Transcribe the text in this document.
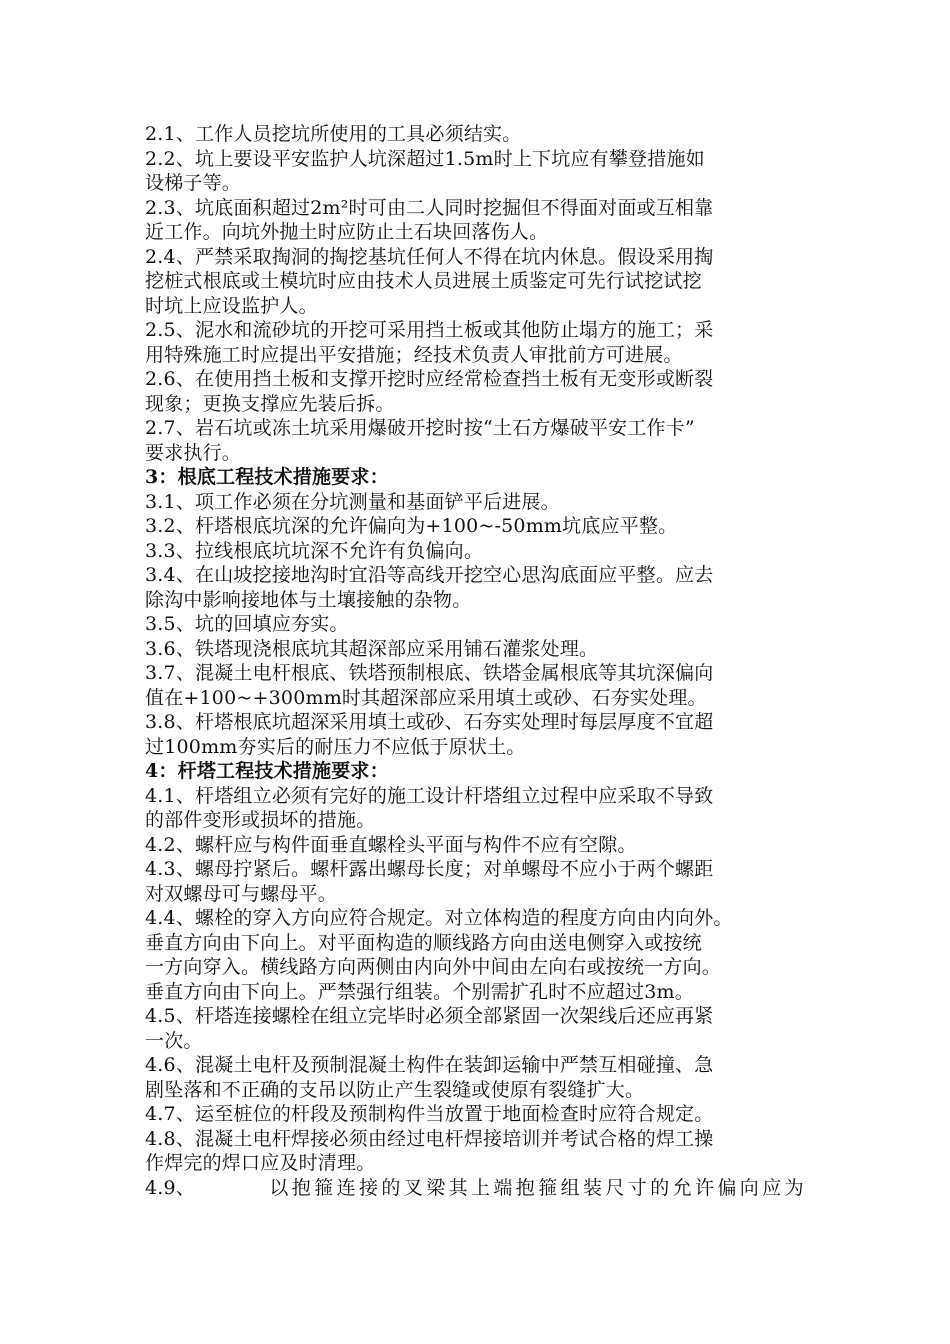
2.1、工作人员挖坑所使用的工具必须结实。
2.2、坑上要设平安监护人坑深超过1.5m时上下坑应有攀登措施如
设梯子等。
2.3、坑底面积超过2m²时可由二人同时挖掘但不得面对面或互相靠
近工作。向坑外抛土时应防止土石块回落伤人。
2.4、严禁采取掏洞的掏挖基坑任何人不得在坑内休息。假设采用掏
挖桩式根底或土模坑时应由技术人员进展土质鉴定可先行试挖试挖
时坑上应设监护人。
2.5、泥水和流砂坑的开挖可采用挡土板或其他防止塌方的施工；采
用特殊施工时应提出平安措施；经技术负责人审批前方可进展。
2.6、在使用挡土板和支撑开挖时应经常检查挡土板有无变形或断裂
现象；更换支撑应先装后拆。
2.7、岩石坑或冻土坑采用爆破开挖时按“土石方爆破平安工作卡”
要求执行。
3：根底工程技术措施要求：
3.1、项工作必须在分坑测量和基面铲平后进展。
3.2、杆塔根底坑深的允许偏向为+100~-50mm坑底应平整。
3.3、拉线根底坑坑深不允许有负偏向。
3.4、在山坡挖接地沟时宜沿等高线开挖空心思沟底面应平整。应去
除沟中影响接地体与土壤接触的杂物。
3.5、坑的回填应夯实。
3.6、铁塔现浇根底坑其超深部应采用铺石灌浆处理。
3.7、混凝土电杆根底、铁塔预制根底、铁塔金属根底等其坑深偏向
值在+100~+300mm时其超深部应采用填土或砂、石夯实处理。
3.8、杆塔根底坑超深采用填土或砂、石夯实处理时每层厚度不宜超
过100mm夯实后的耐压力不应低于原状土。
4：杆塔工程技术措施要求：
4.1、杆塔组立必须有完好的施工设计杆塔组立过程中应采取不导致
的部件变形或损坏的措施。
4.2、螺杆应与构件面垂直螺栓头平面与构件不应有空隙。
4.3、螺母拧紧后。螺杆露出螺母长度；对单螺母不应小于两个螺距
对双螺母可与螺母平。
4.4、螺栓的穿入方向应符合规定。对立体构造的程度方向由内向外。
垂直方向由下向上。对平面构造的顺线路方向由送电侧穿入或按统
一方向穿入。横线路方向两侧由内向外中间由左向右或按统一方向。
垂直方向由下向上。严禁强行组装。个别需扩孔时不应超过3m。
4.5、杆塔连接螺栓在组立完毕时必须全部紧固一次架线后还应再紧
一次。
4.6、混凝土电杆及预制混凝土构件在装卸运输中严禁互相碰撞、急
剧坠落和不正确的支吊以防止产生裂缝或使原有裂缝扩大。
4.7、运至桩位的杆段及预制构件当放置于地面检查时应符合规定。
4.8、混凝土电杆焊接必须由经过电杆焊接培训并考试合格的焊工操
作焊完的焊口应及时清理。
4.9、	以抱箍连接的叉梁其上端抱箍组装尺寸的允许偏向应为
